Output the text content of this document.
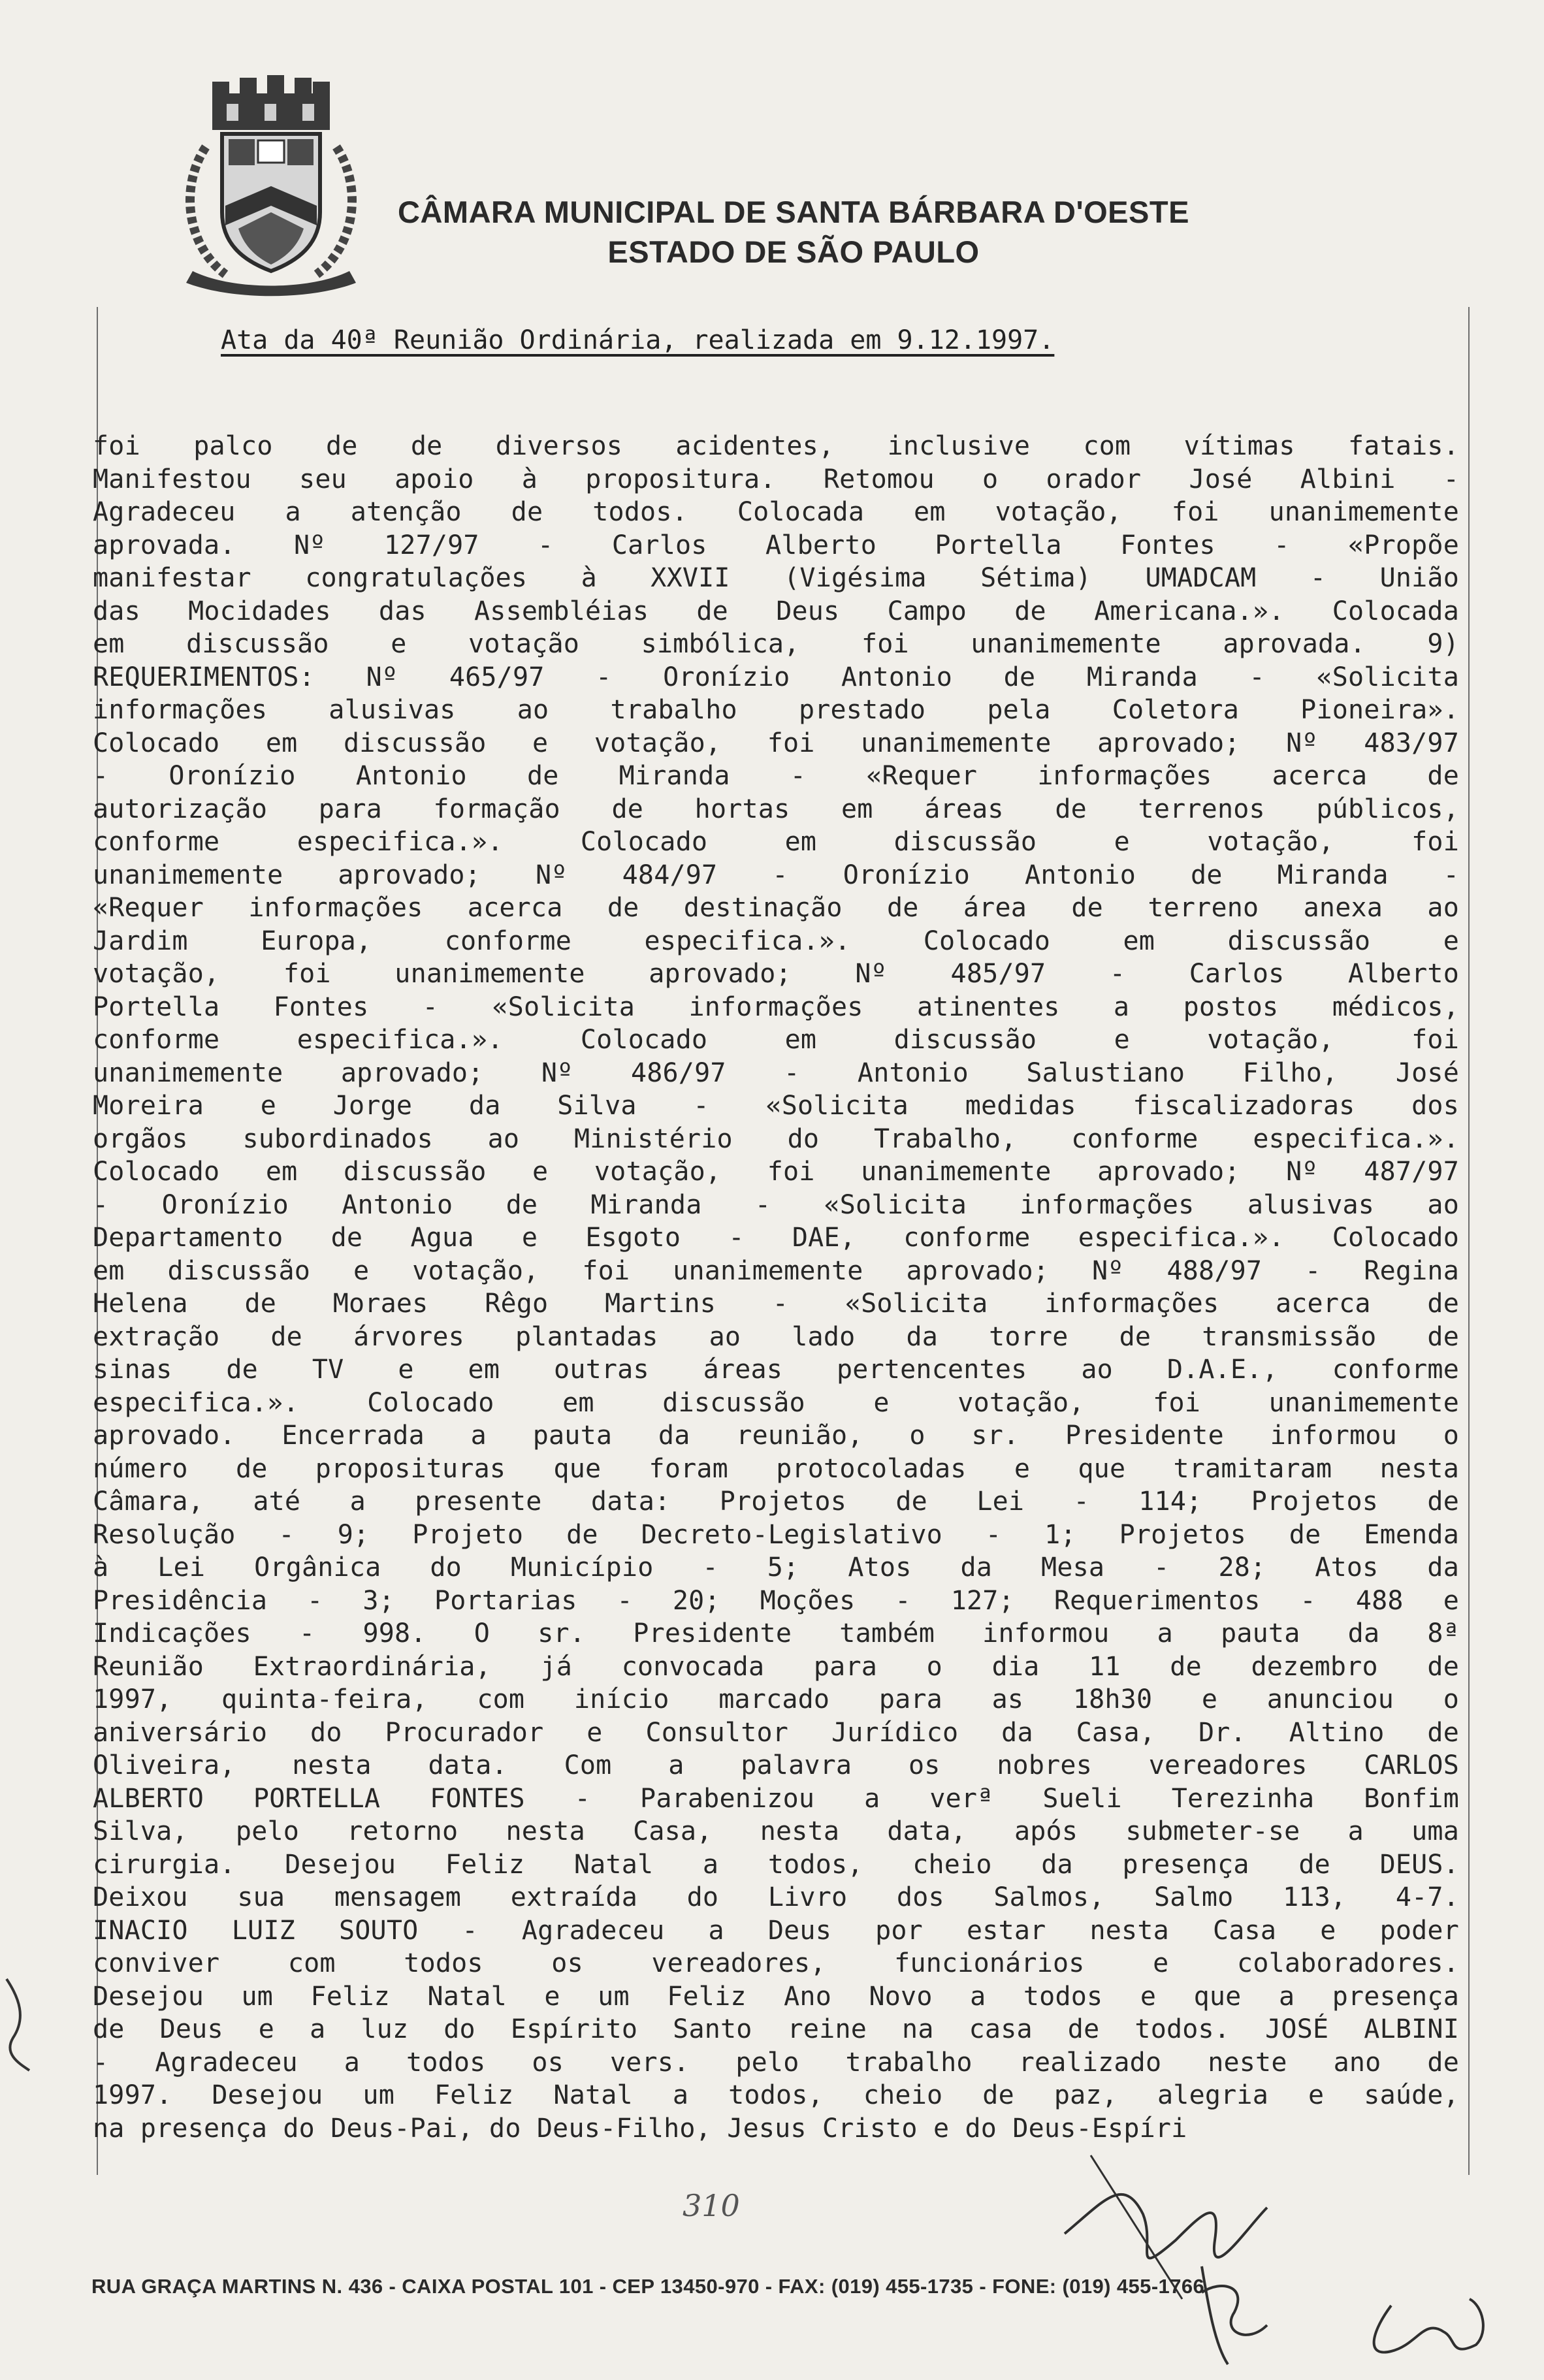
CÂMARA MUNICIPAL DE SANTA BÁRBARA D'OESTE
ESTADO DE SÃO PAULO
Ata da 40ª Reunião Ordinária, realizada em 9.12.1997.
foi palco de de diversos acidentes, inclusive com vítimas fatais.
Manifestou seu apoio à propositura. Retomou o orador José Albini -
Agradeceu a atenção de todos. Colocada em votação, foi unanimemente
aprovada. Nº 127/97 - Carlos Alberto Portella Fontes - «Propõe
manifestar congratulações à XXVII (Vigésima Sétima) UMADCAM - União
das Mocidades das Assembléias de Deus Campo de Americana.». Colocada
em discussão e votação simbólica, foi unanimemente aprovada. 9)
REQUERIMENTOS: Nº 465/97 - Oronízio Antonio de Miranda - «Solicita
informações alusivas ao trabalho prestado pela Coletora Pioneira».
Colocado em discussão e votação, foi unanimemente aprovado; Nº 483/97
- Oronízio Antonio de Miranda - «Requer informações acerca de
autorização para formação de hortas em áreas de terrenos públicos,
conforme especifica.». Colocado em discussão e votação, foi
unanimemente aprovado; Nº 484/97 - Oronízio Antonio de Miranda -
«Requer informações acerca de destinação de área de terreno anexa ao
Jardim Europa, conforme especifica.». Colocado em discussão e
votação, foi unanimemente aprovado; Nº 485/97 - Carlos Alberto
Portella Fontes - «Solicita informações atinentes a postos médicos,
conforme especifica.». Colocado em discussão e votação, foi
unanimemente aprovado; Nº 486/97 - Antonio Salustiano Filho, José
Moreira e Jorge da Silva - «Solicita medidas fiscalizadoras dos
orgãos subordinados ao Ministério do Trabalho, conforme especifica.».
Colocado em discussão e votação, foi unanimemente aprovado; Nº 487/97
- Oronízio Antonio de Miranda - «Solicita informações alusivas ao
Departamento de Agua e Esgoto - DAE, conforme especifica.». Colocado
em discussão e votação, foi unanimemente aprovado; Nº 488/97 - Regina
Helena de Moraes Rêgo Martins - «Solicita informações acerca de
extração de árvores plantadas ao lado da torre de transmissão de
sinas de TV e em outras áreas pertencentes ao D.A.E., conforme
especifica.». Colocado em discussão e votação, foi unanimemente
aprovado. Encerrada a pauta da reunião, o sr. Presidente informou o
número de proposituras que foram protocoladas e que tramitaram nesta
Câmara, até a presente data: Projetos de Lei - 114; Projetos de
Resolução - 9; Projeto de Decreto-Legislativo - 1; Projetos de Emenda
à Lei Orgânica do Município - 5; Atos da Mesa - 28; Atos da
Presidência - 3; Portarias - 20; Moções - 127; Requerimentos - 488 e
Indicações - 998. O sr. Presidente também informou a pauta da 8ª
Reunião Extraordinária, já convocada para o dia 11 de dezembro de
1997, quinta-feira, com início marcado para as 18h30 e anunciou o
aniversário do Procurador e Consultor Jurídico da Casa, Dr. Altino de
Oliveira, nesta data. Com a palavra os nobres vereadores CARLOS
ALBERTO PORTELLA FONTES - Parabenizou a verª Sueli Terezinha Bonfim
Silva, pelo retorno nesta Casa, nesta data, após submeter-se a uma
cirurgia. Desejou Feliz Natal a todos, cheio da presença de DEUS.
Deixou sua mensagem extraída do Livro dos Salmos, Salmo 113, 4-7.
INACIO LUIZ SOUTO - Agradeceu a Deus por estar nesta Casa e poder
conviver com todos os vereadores, funcionários e colaboradores.
Desejou um Feliz Natal e um Feliz Ano Novo a todos e que a presença
de Deus e a luz do Espírito Santo reine na casa de todos. JOSÉ ALBINI
- Agradeceu a todos os vers. pelo trabalho realizado neste ano de
1997. Desejou um Feliz Natal a todos, cheio de paz, alegria e saúde,
na presença do Deus-Pai, do Deus-Filho, Jesus Cristo e do Deus-Espíri
310
RUA GRAÇA MARTINS N. 436 - CAIXA POSTAL 101 - CEP 13450-970 - FAX: (019) 455-1735 - FONE: (019) 455-1766
